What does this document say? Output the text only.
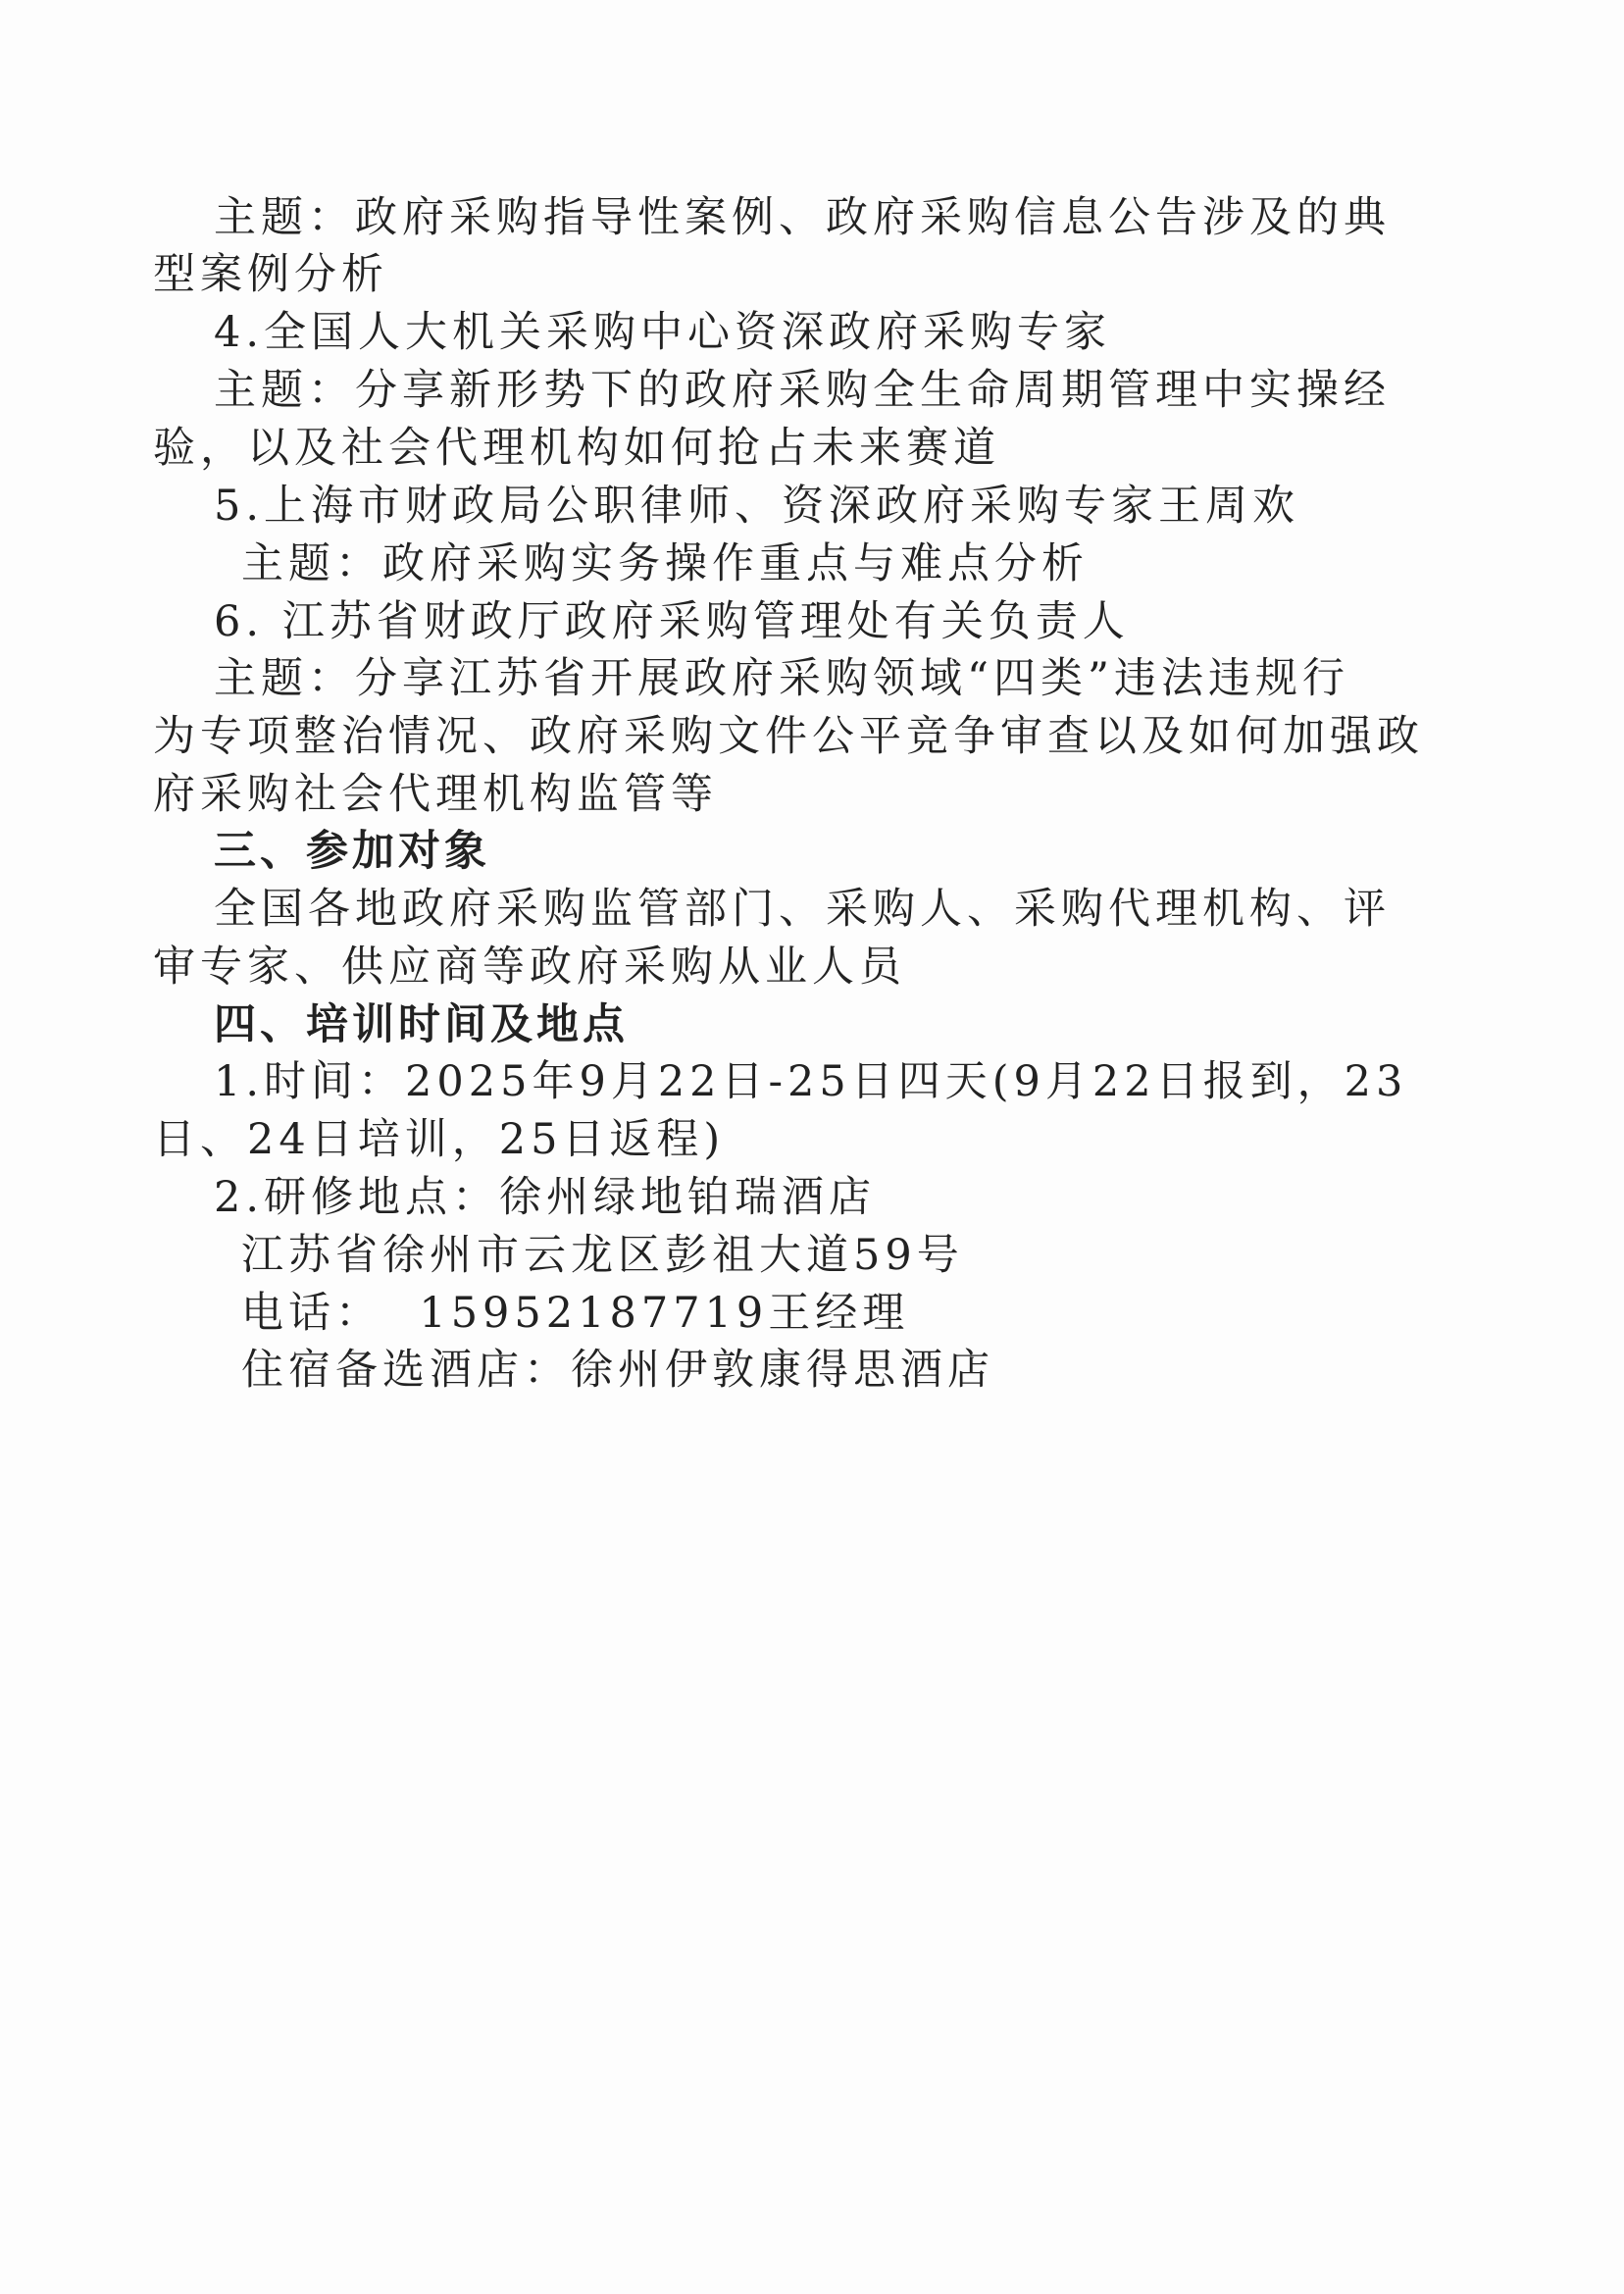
主题：政府采购指导性案例、政府采购信息公告涉及的典
型案例分析
4.全国人大机关采购中心资深政府采购专家
主题：分享新形势下的政府采购全生命周期管理中实操经
验，以及社会代理机构如何抢占未来赛道
5.上海市财政局公职律师、资深政府采购专家王周欢
主题：政府采购实务操作重点与难点分析
6. 江苏省财政厅政府采购管理处有关负责人
主题：分享江苏省开展政府采购领域“四类”违法违规行
为专项整治情况、政府采购文件公平竞争审查以及如何加强政
府采购社会代理机构监管等
三、参加对象
全国各地政府采购监管部门、采购人、采购代理机构、评
审专家、供应商等政府采购从业人员
四、培训时间及地点
1.时间：2025年9月22日-25日四天(9月22日报到，23
日、24日培训，25日返程)
2.研修地点：徐州绿地铂瑞酒店
江苏省徐州市云龙区彭祖大道59号
电话：  15952187719王经理
住宿备选酒店：徐州伊敦康得思酒店
